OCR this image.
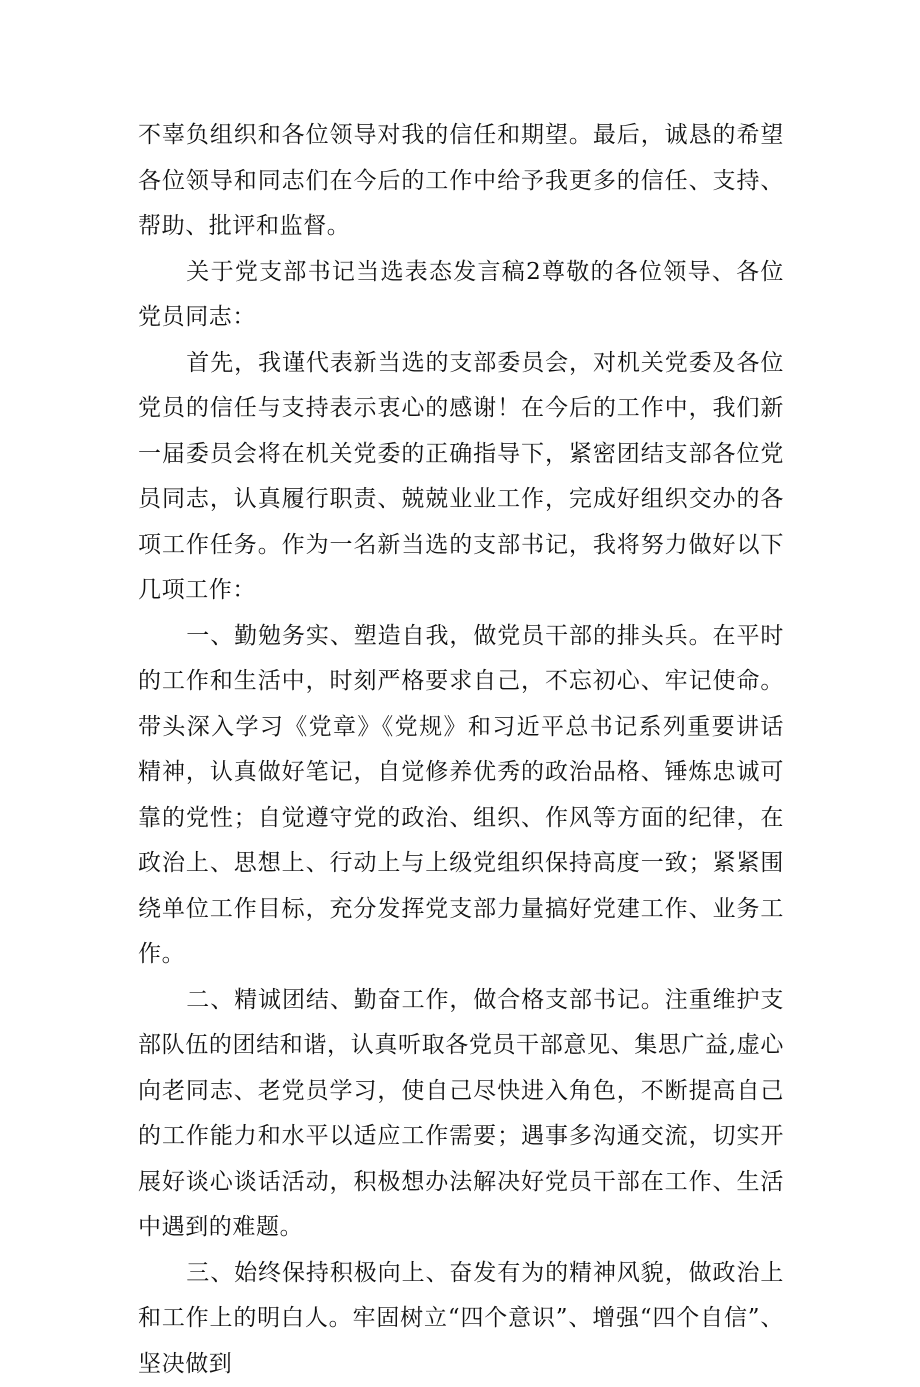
不辜负组织和各位领导对我的信任和期望。最后，诚恳的希望各位领导和同志们在今后的工作中给予我更多的信任、支持、帮助、批评和监督。

关于党支部书记当选表态发言稿2尊敬的各位领导、各位党员同志：

首先，我谨代表新当选的支部委员会，对机关党委及各位党员的信任与支持表示衷心的感谢！在今后的工作中，我们新一届委员会将在机关党委的正确指导下，紧密团结支部各位党员同志，认真履行职责、兢兢业业工作，完成好组织交办的各项工作任务。作为一名新当选的支部书记，我将努力做好以下几项工作：

一、勤勉务实、塑造自我，做党员干部的排头兵。在平时的工作和生活中，时刻严格要求自己，不忘初心、牢记使命。带头深入学习《党章》《党规》和习近平总书记系列重要讲话精神，认真做好笔记，自觉修养优秀的政治品格、锤炼忠诚可靠的党性；自觉遵守党的政治、组织、作风等方面的纪律，在政治上、思想上、行动上与上级党组织保持高度一致；紧紧围绕单位工作目标，充分发挥党支部力量搞好党建工作、业务工作。

二、精诚团结、勤奋工作，做合格支部书记。注重维护支部队伍的团结和谐，认真听取各党员干部意见、集思广益,虚心向老同志、老党员学习，使自己尽快进入角色，不断提高自己的工作能力和水平以适应工作需要；遇事多沟通交流，切实开展好谈心谈话活动，积极想办法解决好党员干部在工作、生活中遇到的难题。

三、始终保持积极向上、奋发有为的精神风貌，做政治上和工作上的明白人。牢固树立“四个意识”、增强“四个自信”、坚决做到
